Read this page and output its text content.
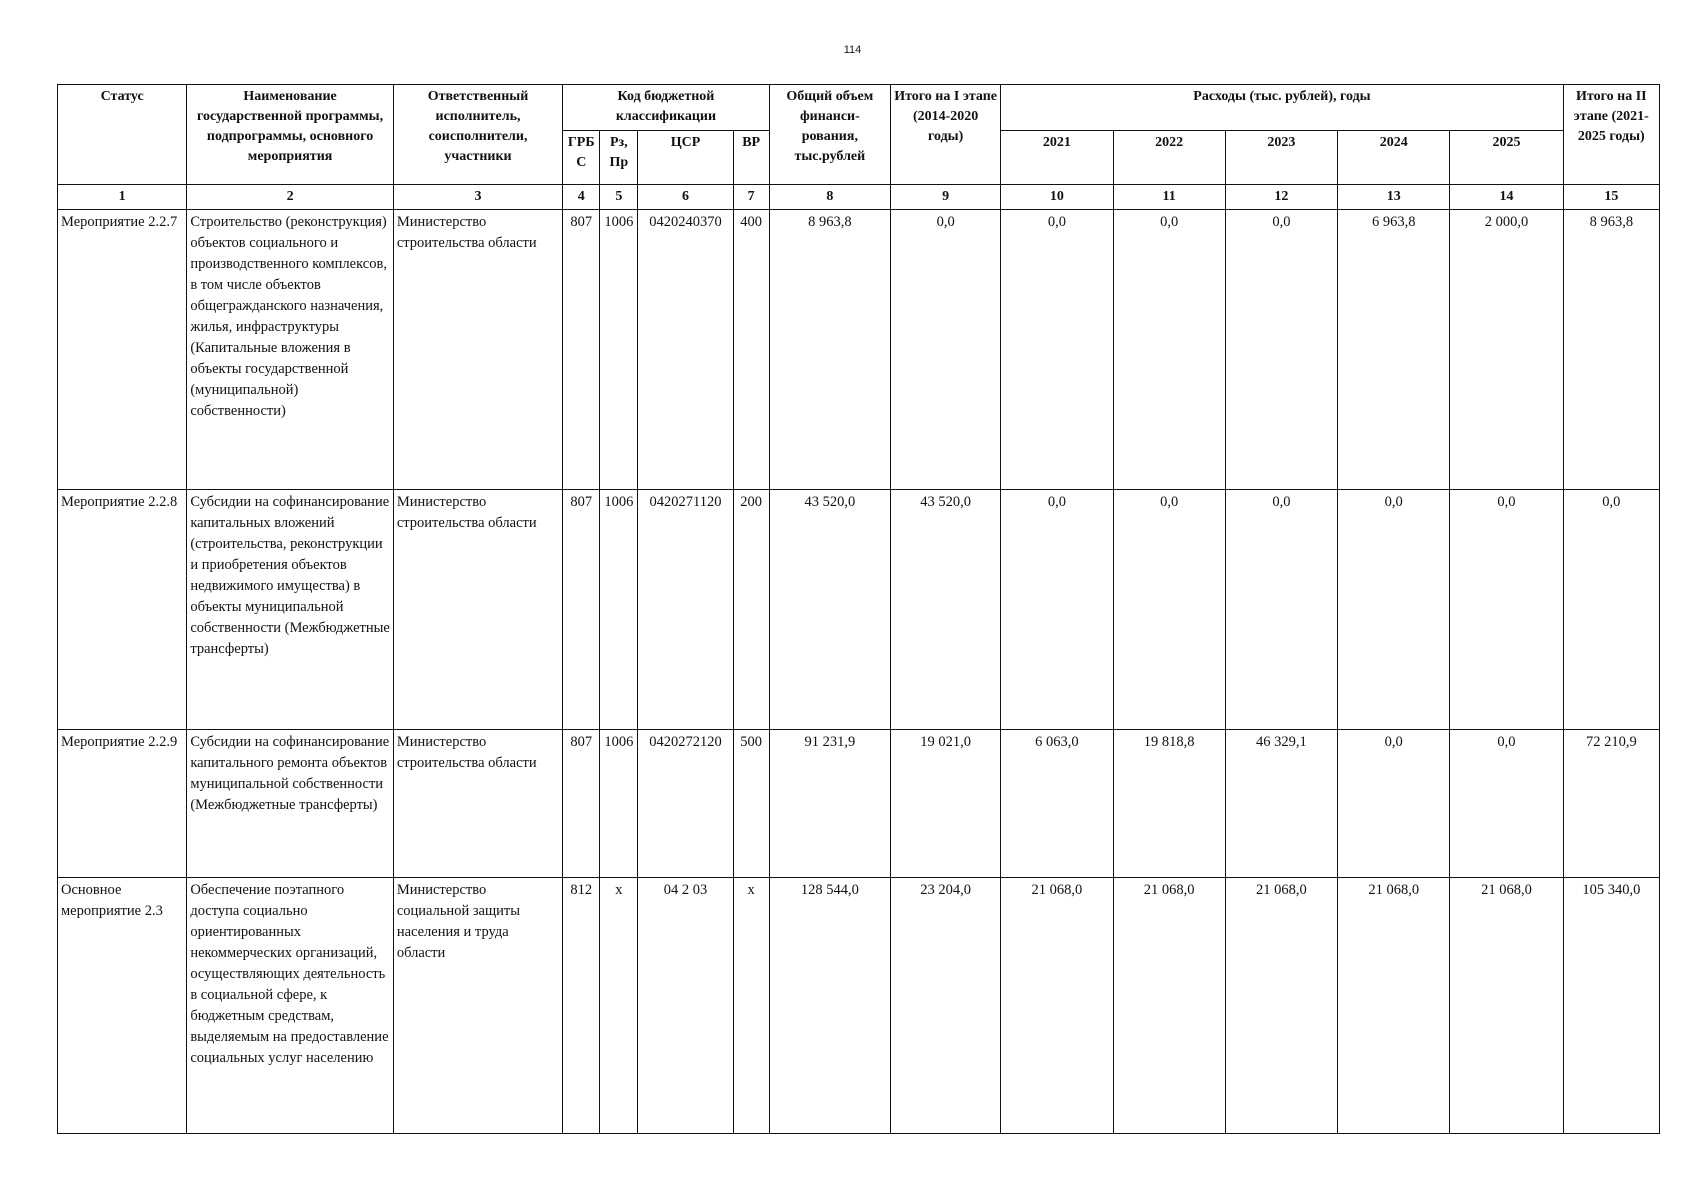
114
Статус	Наименование государственной программы, подпрограммы, основного мероприятия	Ответственный исполнитель, соисполнители, участники	Код бюджетной классификации				Общий объем финанси- рования, тыс.рублей	Итого на I этапе (2014-2020 годы)	Расходы (тыс. рублей), годы					Итого на II этапе (2021- 2025 годы)
			ГРБ С	Рз, Пр	ЦСР	ВР			2021	2022	2023	2024	2025	
1	2	3	4	5	6	7	8	9	10	11	12	13	14	15
Мероприятие 2.2.7	Строительство (реконструкция) объектов социального и производственного комплексов, в том числе объектов общегражданского назначения, жилья, инфраструктуры (Капитальные вложения в объекты государственной (муниципальной) собственности)	Министерство строительства области	807	1006	0420240370	400	8 963,8	0,0	0,0	0,0	0,0	6 963,8	2 000,0	8 963,8
Мероприятие 2.2.8	Субсидии на софинансирование капитальных вложений (строительства, реконструкции и приобретения объектов недвижимого имущества) в объекты муниципальной собственности (Межбюджетные трансферты)	Министерство строительства области	807	1006	0420271120	200	43 520,0	43 520,0	0,0	0,0	0,0	0,0	0,0	0,0
Мероприятие 2.2.9	Субсидии на софинансирование капитального ремонта объектов муниципальной собственности (Межбюджетные трансферты)	Министерство строительства области	807	1006	0420272120	500	91 231,9	19 021,0	6 063,0	19 818,8	46 329,1	0,0	0,0	72 210,9
Основное мероприятие 2.3	Обеспечение поэтапного доступа социально ориентированных некоммерческих организаций, осуществляющих деятельность в социальной сфере, к бюджетным средствам, выделяемым на предоставление социальных услуг населению	Министерство социальной защиты населения и труда области	812	х	04 2 03	х	128 544,0	23 204,0	21 068,0	21 068,0	21 068,0	21 068,0	21 068,0	105 340,0
